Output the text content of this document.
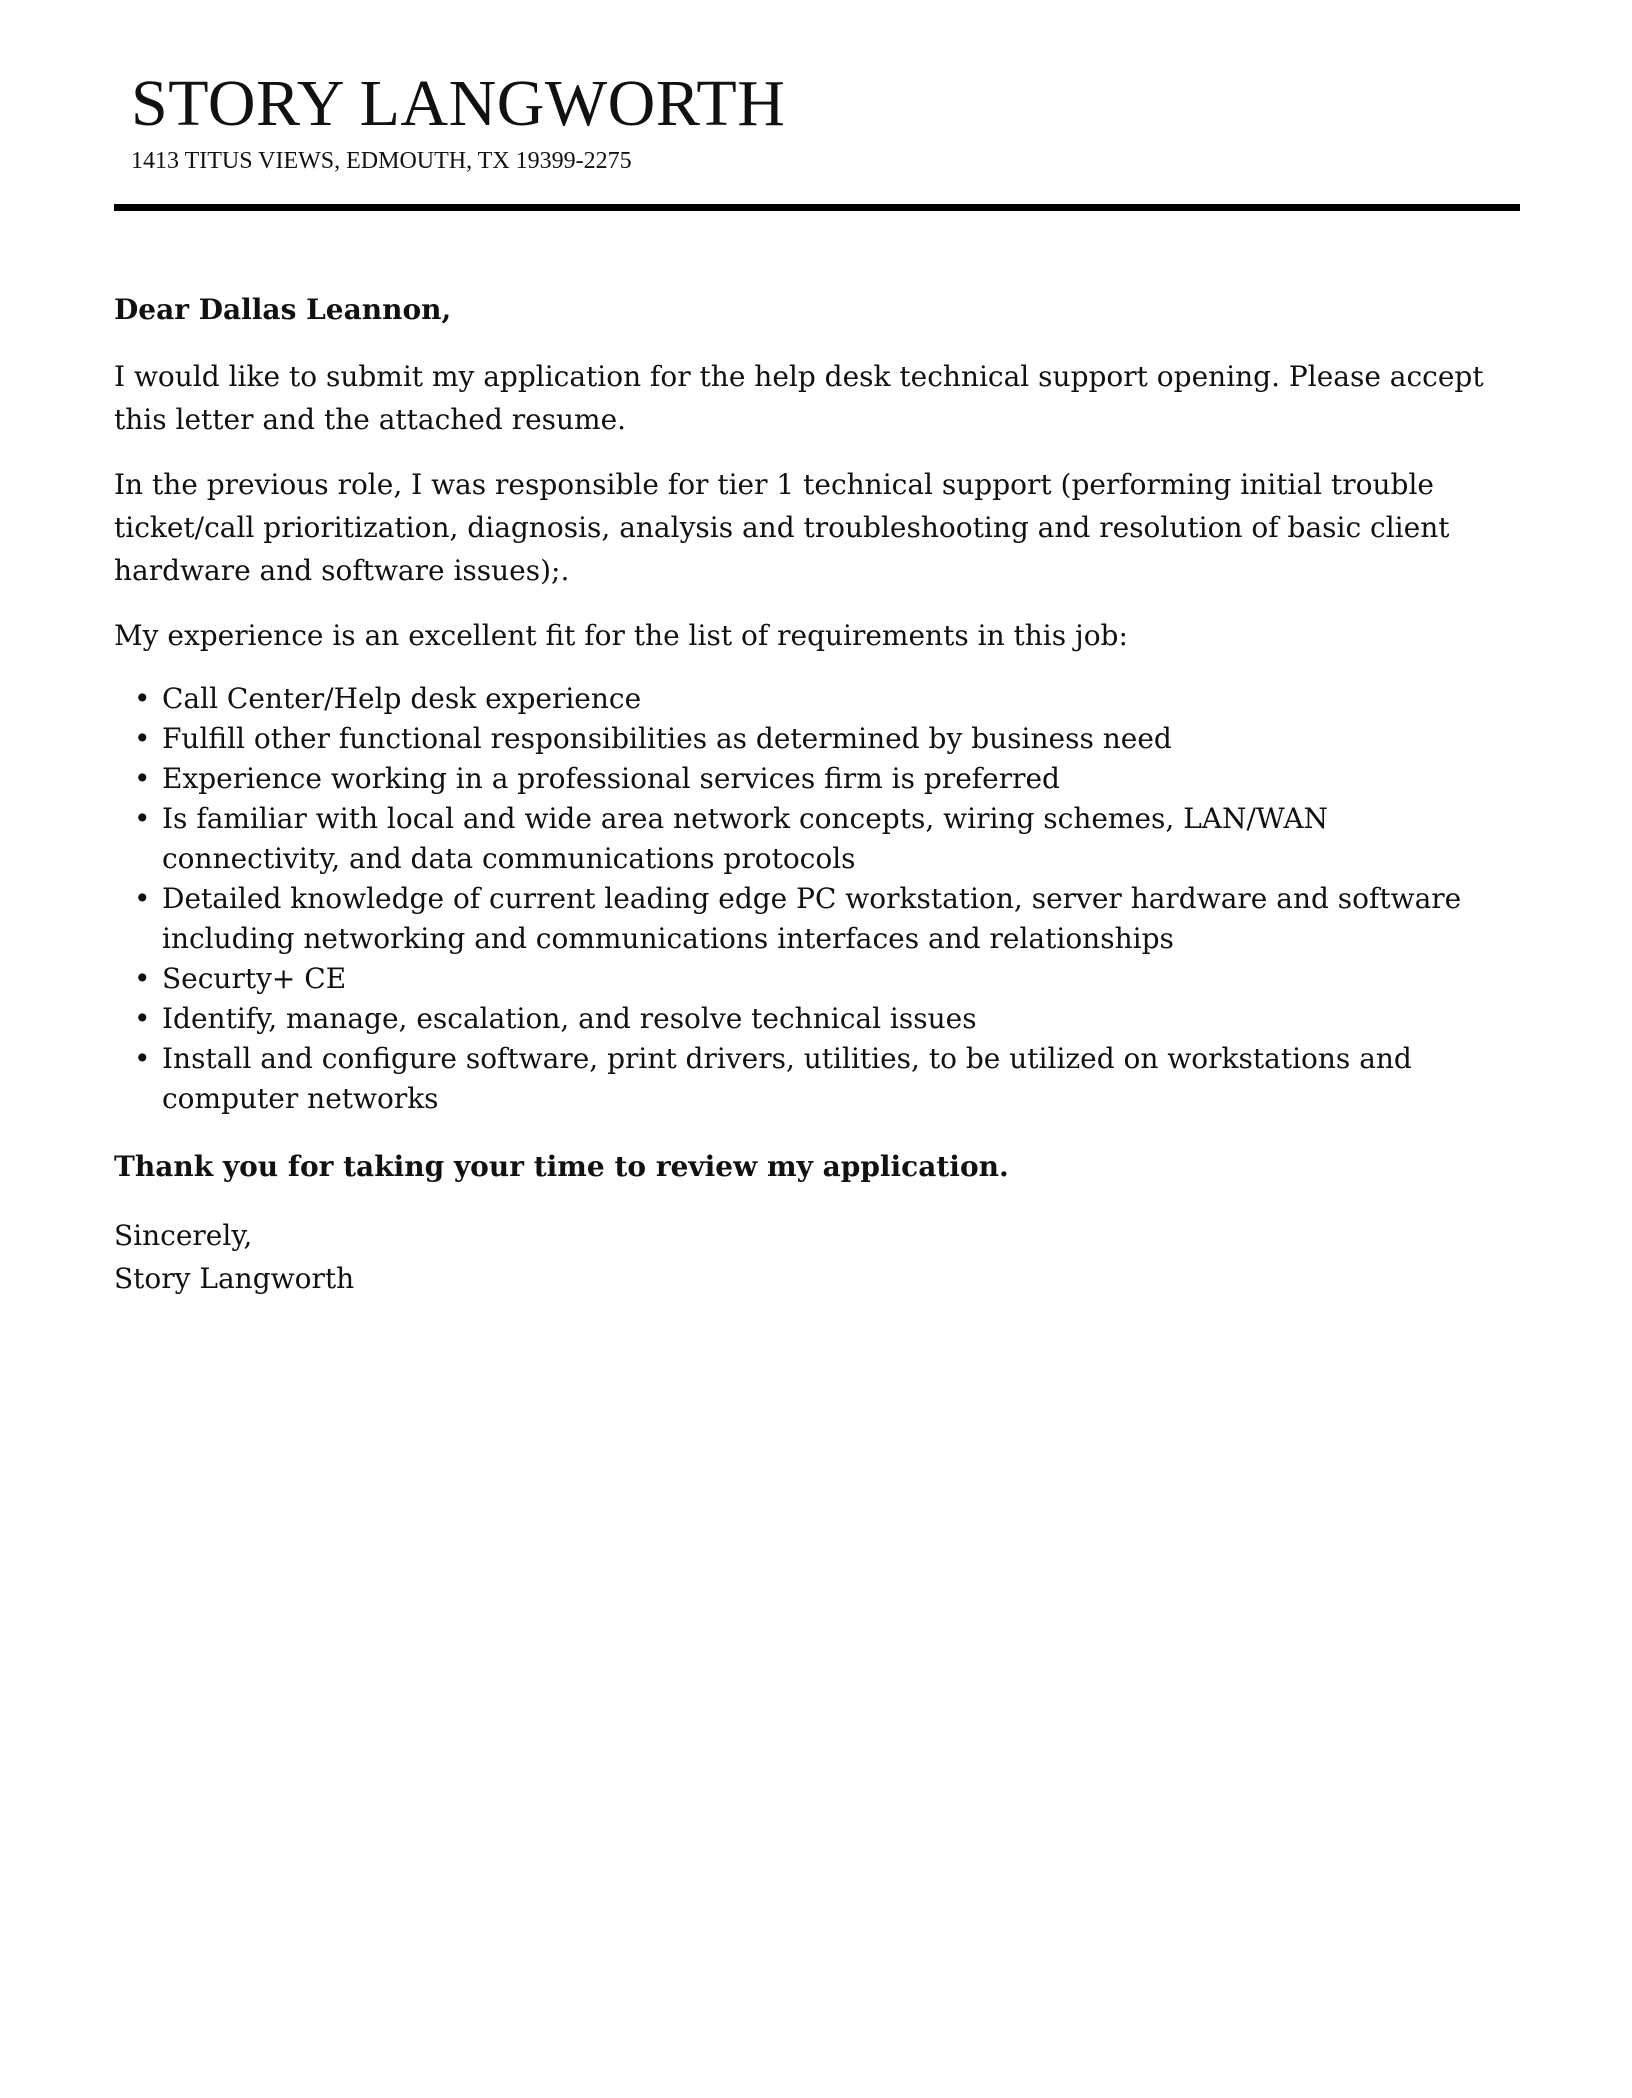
STORY LANGWORTH
1413 TITUS VIEWS, EDMOUTH, TX 19399-2275

Dear Dallas Leannon,

I would like to submit my application for the help desk technical support opening. Please accept this letter and the attached resume.

In the previous role, I was responsible for tier 1 technical support (performing initial trouble ticket/call prioritization, diagnosis, analysis and troubleshooting and resolution of basic client hardware and software issues);.

My experience is an excellent fit for the list of requirements in this job:

• Call Center/Help desk experience
• Fulfill other functional responsibilities as determined by business need
• Experience working in a professional services firm is preferred
• Is familiar with local and wide area network concepts, wiring schemes, LAN/WAN connectivity, and data communications protocols
• Detailed knowledge of current leading edge PC workstation, server hardware and software including networking and communications interfaces and relationships
• Securty+ CE
• Identify, manage, escalation, and resolve technical issues
• Install and configure software, print drivers, utilities, to be utilized on workstations and computer networks

Thank you for taking your time to review my application.

Sincerely,

Story Langworth
